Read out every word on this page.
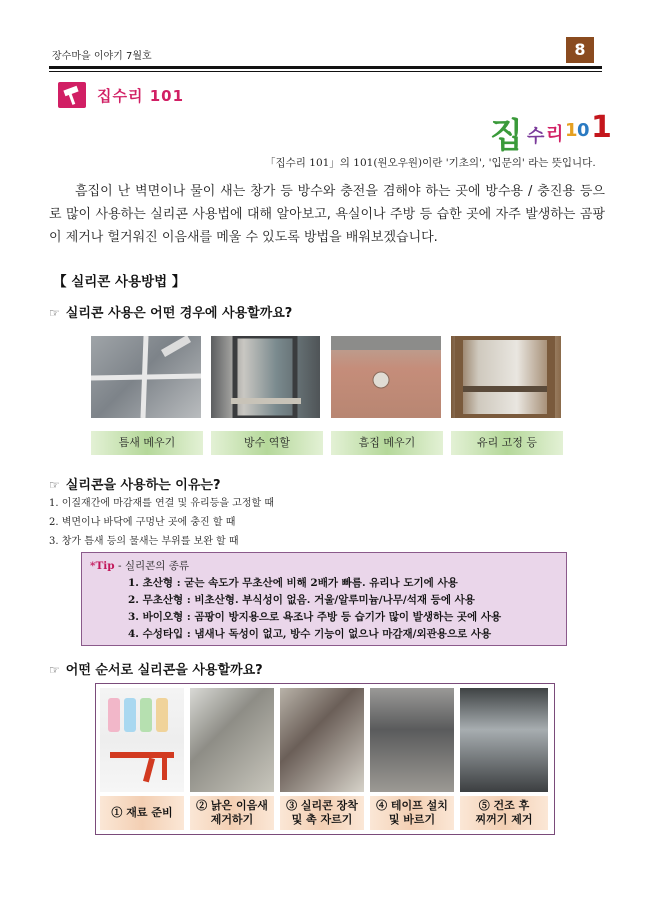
장수마을 이야기 7월호	8
집수리 101
집 수 리 1 0 1
「집수리 101」의 101(원오우원)이란 '기초의', '입문의' 라는 뜻입니다.
흠집이 난 벽면이나 물이 새는 창가 등 방수와 충전을 겸해야 하는 곳에 방수용 / 충진용 등으로 많이 사용하는 실리콘 사용법에 대해 알아보고, 욕실이나 주방 등 습한 곳에 자주 발생하는 곰팡이 제거나 헐거워진 이음새를 메울 수 있도록 방법을 배워보겠습니다.
【 실리콘 사용방법 】
☞ 실리콘 사용은 어떤 경우에 사용할까요?
틈새 메우기	방수 역할	흠집 메우기	유리 고정 등
☞ 실리콘을 사용하는 이유는?
1. 이질재간에 마감재를 연결 및 유리등을 고정할 때
2. 벽면이나 바닥에 구멍난 곳에 충진 할 때
3. 창가 틈새 등의 물새는 부위를 보완 할 때
*Tip - 실리콘의 종류
1. 초산형 : 굳는 속도가 무초산에 비해 2배가 빠름. 유리나 도기에 사용
2. 무초산형 : 비초산형. 부식성이 없음. 거울/알루미늄/나무/석재 등에 사용
3. 바이오형 : 곰팡이 방지용으로 욕조나 주방 등 습기가 많이 발생하는 곳에 사용
4. 수성타입 : 냄새나 독성이 없고, 방수 기능이 없으나 마감재/외관용으로 사용
☞ 어떤 순서로 실리콘을 사용할까요?
① 재료 준비
② 낡은 이음새
제거하기
③ 실리콘 장착
및 촉 자르기
④ 테이프 설치
및 바르기
⑤ 건조 후
찌꺼기 제거
